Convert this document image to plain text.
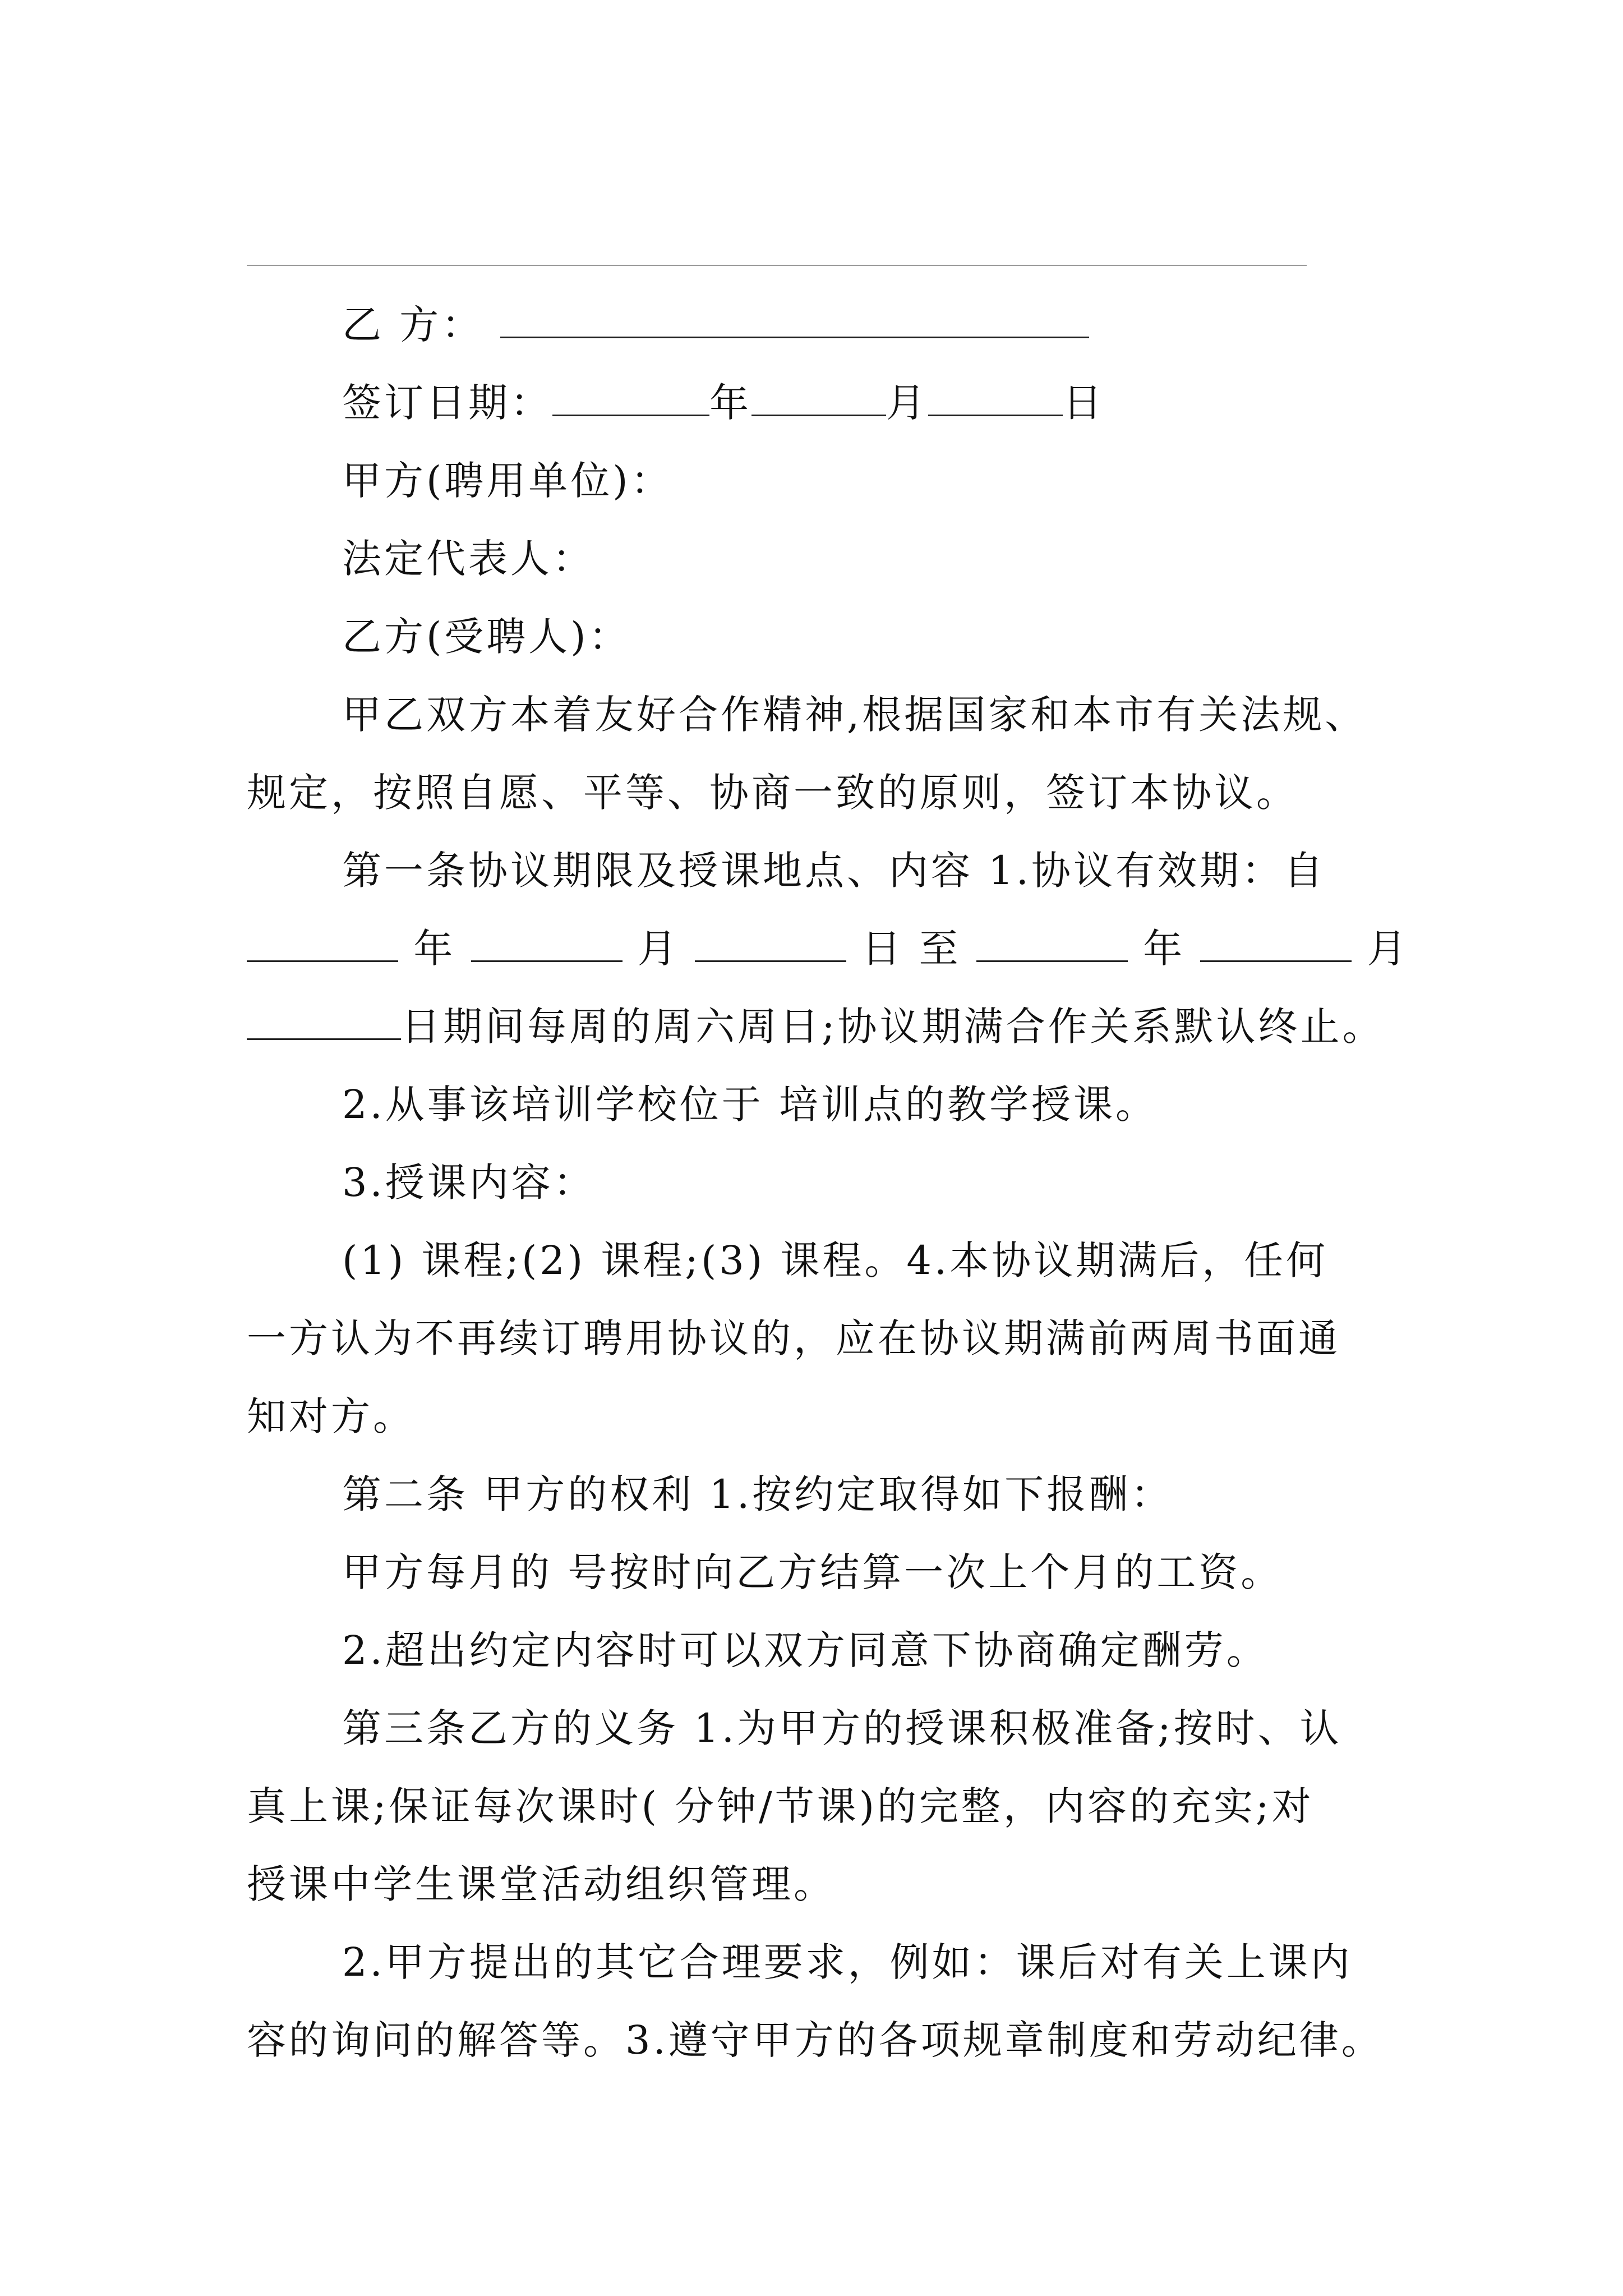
乙 方：
签订日期：	年	月	日
甲方(聘用单位)：
法定代表人：
乙方(受聘人)：
甲乙双方本着友好合作精神,根据国家和本市有关法规、
规定，按照自愿、平等、协商一致的原则，签订本协议。
第一条协议期限及授课地点、内容 1.协议有效期：自
年	月	日 至	年	月
日期间每周的周六周日;协议期满合作关系默认终止。
2.从事该培训学校位于 培训点的教学授课。
3.授课内容：
(1) 课程;(2) 课程;(3) 课程。4.本协议期满后，任何
一方认为不再续订聘用协议的，应在协议期满前两周书面通
知对方。
第二条 甲方的权利 1.按约定取得如下报酬：
甲方每月的 号按时向乙方结算一次上个月的工资。
2.超出约定内容时可以双方同意下协商确定酬劳。
第三条乙方的义务 1.为甲方的授课积极准备;按时、认
真上课;保证每次课时( 分钟/节课)的完整，内容的充实;对
授课中学生课堂活动组织管理。
2.甲方提出的其它合理要求，例如：课后对有关上课内
容的询问的解答等。3.遵守甲方的各项规章制度和劳动纪律。
